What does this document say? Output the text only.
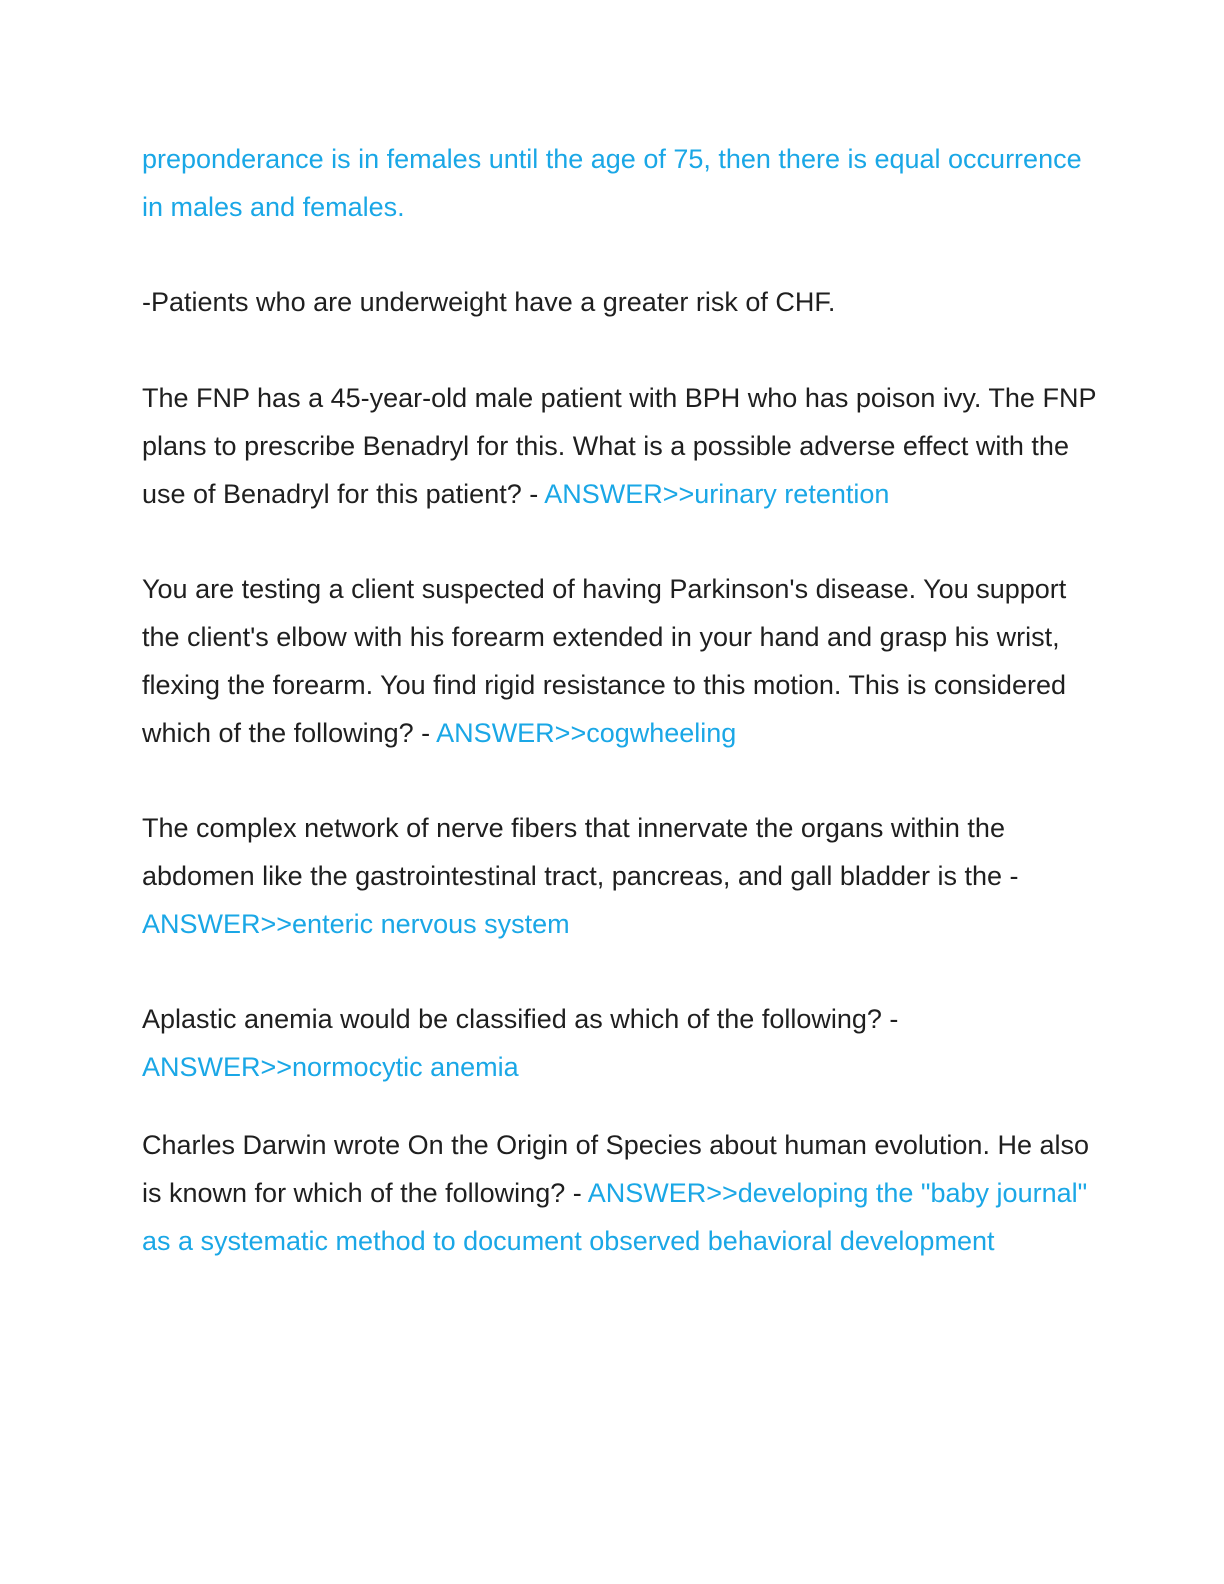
preponderance is in females until the age of 75, then there is equal occurrence in males and females.
-Patients who are underweight have a greater risk of CHF.
The FNP has a 45-year-old male patient with BPH who has poison ivy. The FNP plans to prescribe Benadryl for this. What is a possible adverse effect with the use of Benadryl for this patient? - ANSWER>>urinary retention
You are testing a client suspected of having Parkinson's disease. You support the client's elbow with his forearm extended in your hand and grasp his wrist, flexing the forearm. You find rigid resistance to this motion. This is considered which of the following? - ANSWER>>cogwheeling
The complex network of nerve fibers that innervate the organs within the abdomen like the gastrointestinal tract, pancreas, and gall bladder is the - ANSWER>>enteric nervous system
Aplastic anemia would be classified as which of the following? -
ANSWER>>normocytic anemia
Charles Darwin wrote On the Origin of Species about human evolution. He also is known for which of the following? - ANSWER>>developing the "baby journal" as a systematic method to document observed behavioral development
